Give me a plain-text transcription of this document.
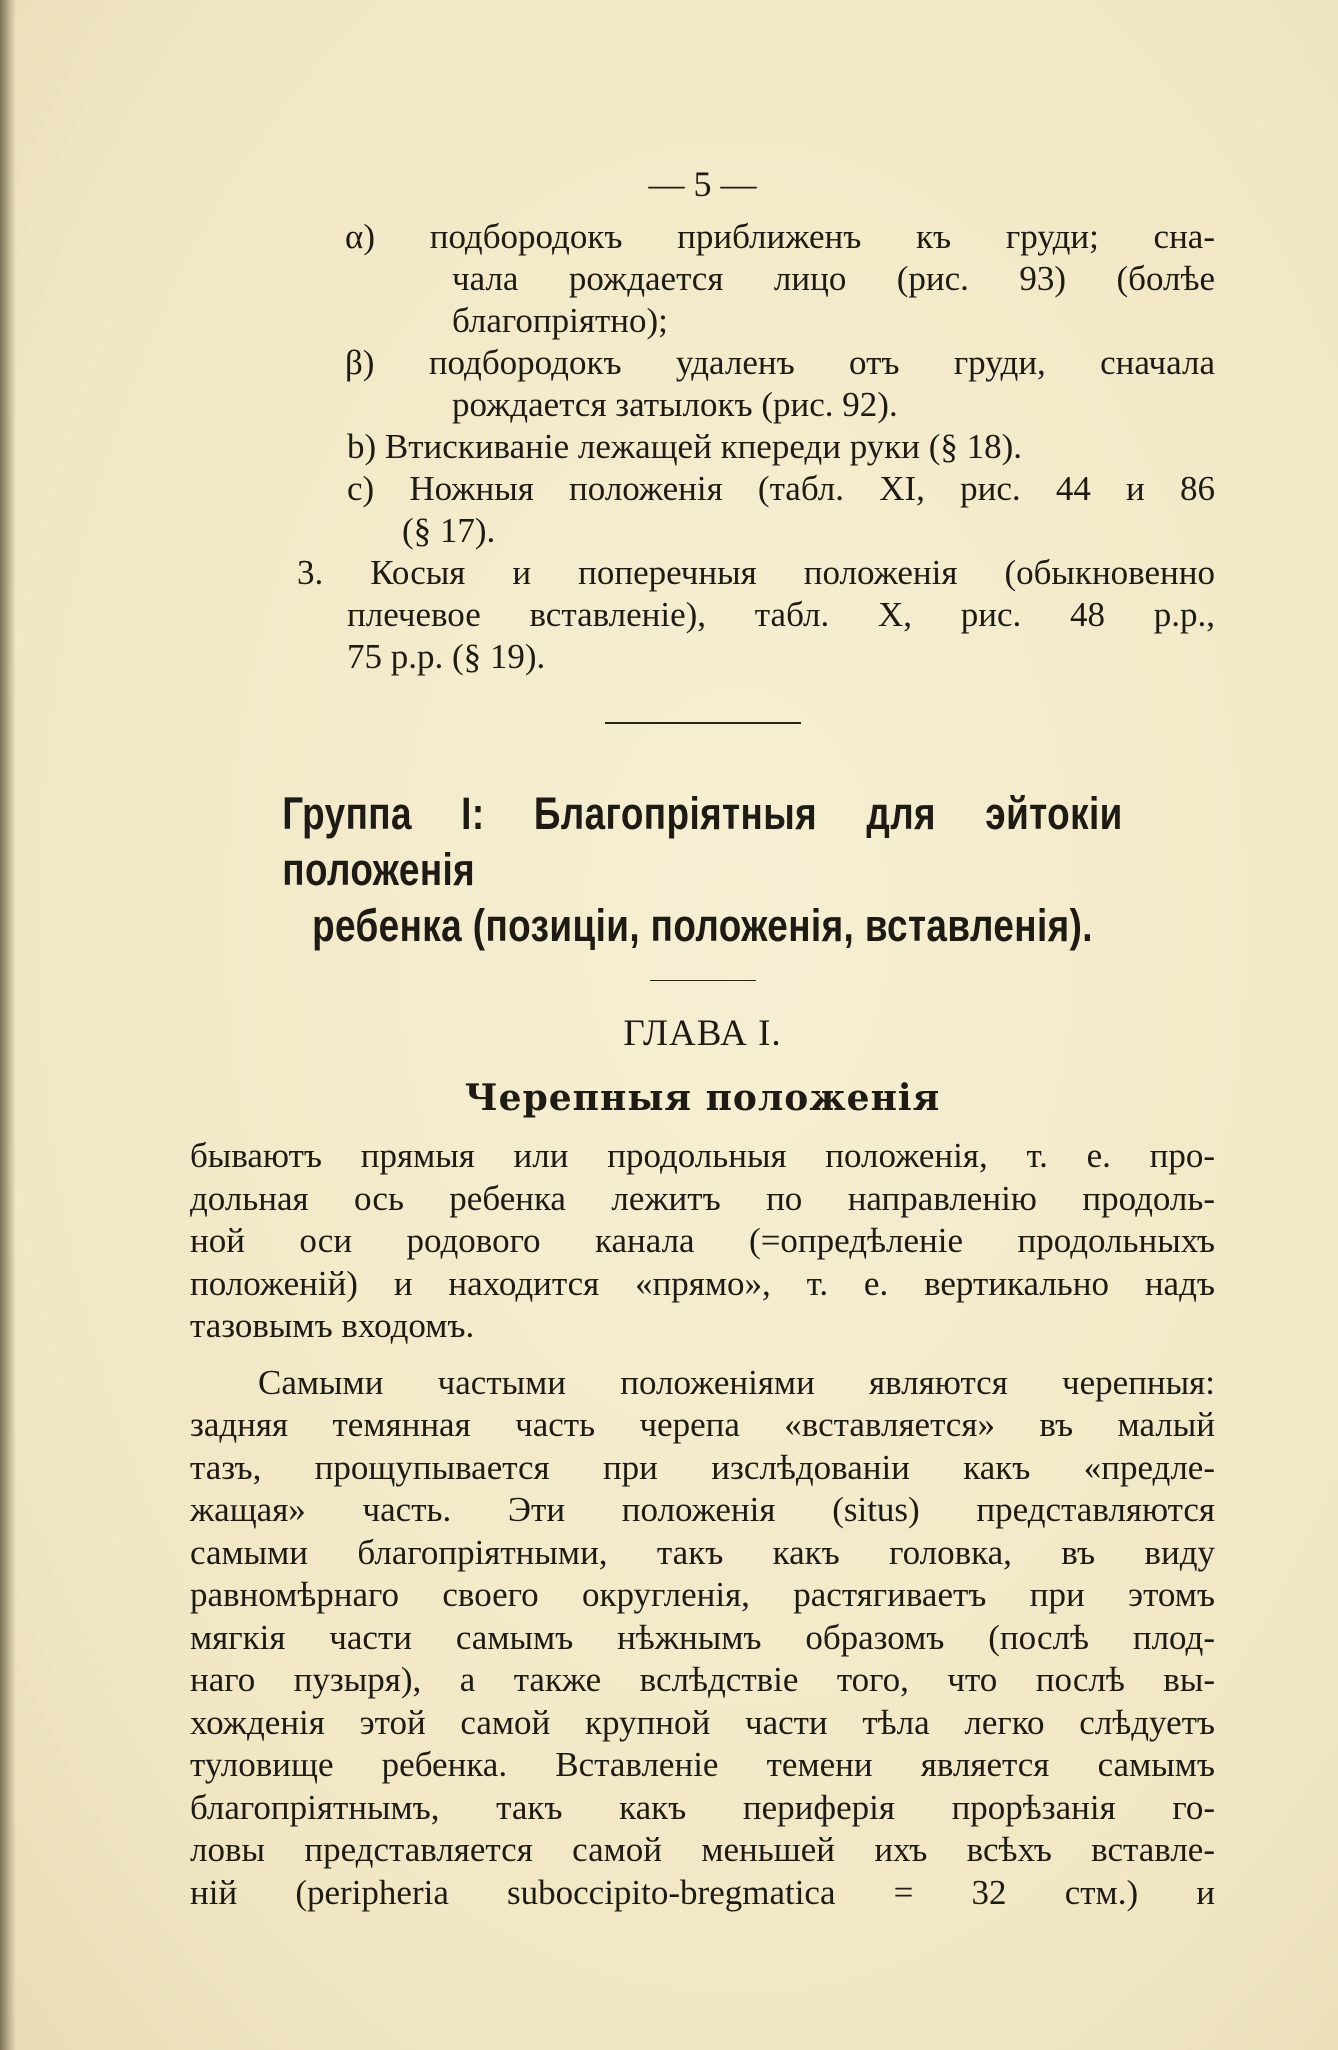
— 5 —
α) подбородокъ приближенъ къ груди; сна-
чала рождается лицо (рис. 93) (болѣе
благопріятно);
β) подбородокъ удаленъ отъ груди, сначала
рождается затылокъ (рис. 92).
b) Втискиваніе лежащей кпереди руки (§ 18).
c) Ножныя положенія (табл. XI, рис. 44 и 86
(§ 17).
3. Косыя и поперечныя положенія (обыкновенно
плечевое вставленіе), табл. X, рис. 48 р.р.,
75 р.р. (§ 19).
Группа I: Благопріятныя для эйтокіи положенія
ребенка (позиціи, положенія, вставленія).
ГЛАВА I.
Черепныя положенія
бываютъ прямыя или продольныя положенія, т. е. про-
дольная ось ребенка лежитъ по направленію продоль-
ной оси родового канала (=опредѣленіе продольныхъ
положеній) и находится «прямо», т. е. вертикально надъ
тазовымъ входомъ.
Самыми частыми положеніями являются черепныя:
задняя темянная часть черепа «вставляется» въ малый
тазъ, прощупывается при изслѣдованіи какъ «предле-
жащая» часть. Эти положенія (situs) представляются
самыми благопріятными, такъ какъ головка, въ виду
равномѣрнаго своего округленія, растягиваетъ при этомъ
мягкія части самымъ нѣжнымъ образомъ (послѣ плод-
наго пузыря), а также вслѣдствіе того, что послѣ вы-
хожденія этой самой крупной части тѣла легко слѣдуетъ
туловище ребенка. Вставленіе темени является самымъ
благопріятнымъ, такъ какъ периферія прорѣзанія го-
ловы представляется самой меньшей ихъ всѣхъ вставле-
ній (peripheria suboccipito-bregmatica = 32 стм.) и
